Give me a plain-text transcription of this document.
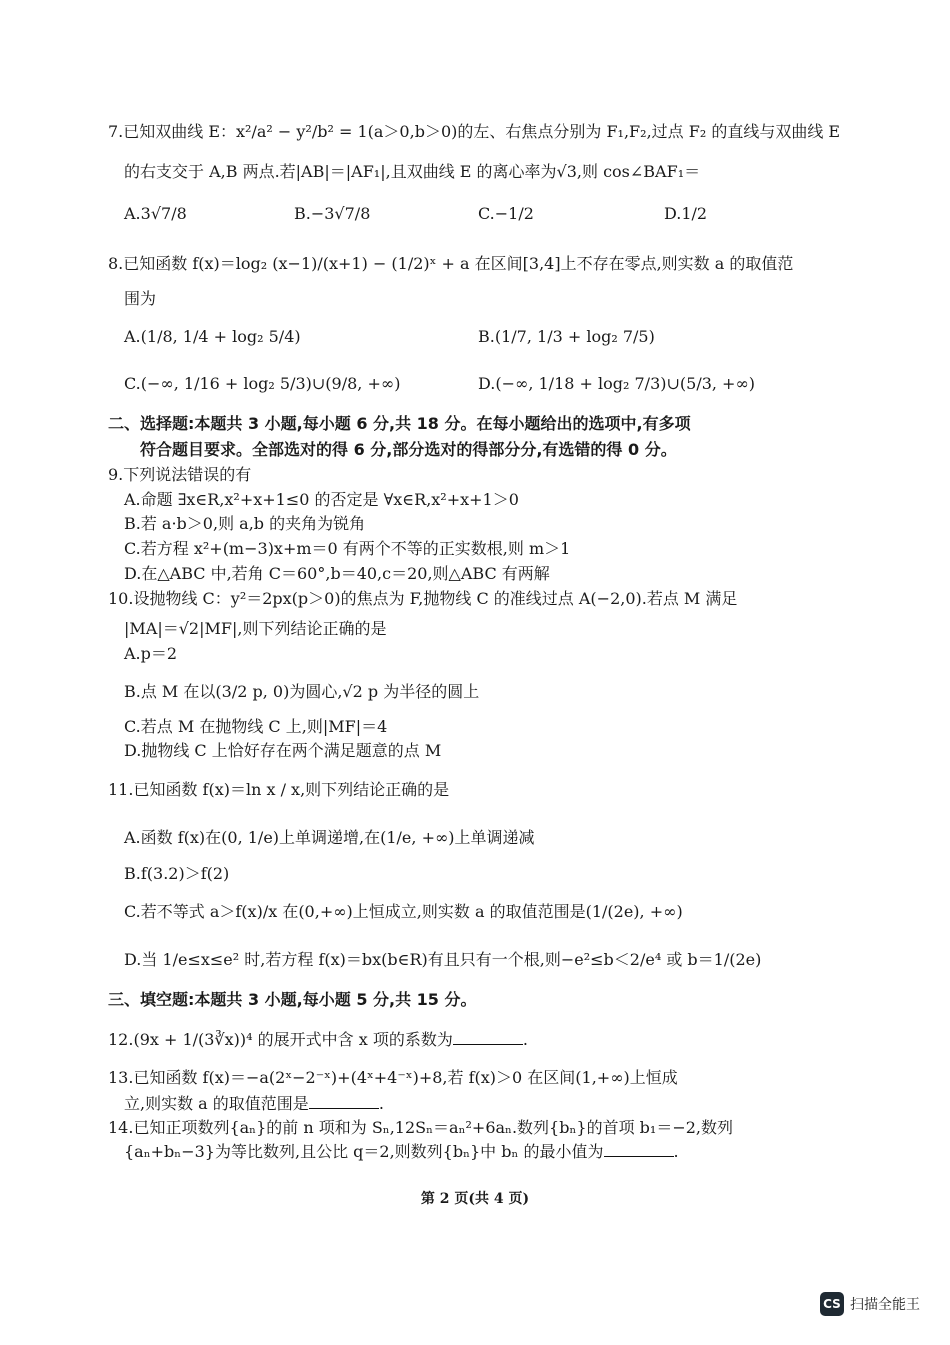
7.已知双曲线 E：x²/a² − y²/b² = 1(a＞0,b＞0)的左、右焦点分别为 F₁,F₂,过点 F₂ 的直线与双曲线 E
的右支交于 A,B 两点.若|AB|＝|AF₁|,且双曲线 E 的离心率为√3,则 cos∠BAF₁＝
A.3√7/8	B.−3√7/8	C.−1/2	D.1/2
8.已知函数 f(x)＝log₂ (x−1)/(x+1) − (1/2)ˣ + a 在区间[3,4]上不存在零点,则实数 a 的取值范
围为
A.(1/8, 1/4 + log₂ 5/4)	B.(1/7, 1/3 + log₂ 7/5)
C.(−∞, 1/16 + log₂ 5/3)∪(9/8, +∞)	D.(−∞, 1/18 + log₂ 7/3)∪(5/3, +∞)
二、选择题:本题共 3 小题,每小题 6 分,共 18 分。在每小题给出的选项中,有多项
符合题目要求。全部选对的得 6 分,部分选对的得部分分,有选错的得 0 分。
9.下列说法错误的有
A.命题 ∃x∈R,x²+x+1≤0 的否定是 ∀x∈R,x²+x+1＞0
B.若 a·b＞0,则 a,b 的夹角为锐角
C.若方程 x²+(m−3)x+m＝0 有两个不等的正实数根,则 m＞1
D.在△ABC 中,若角 C＝60°,b＝40,c＝20,则△ABC 有两解
10.设抛物线 C：y²＝2px(p＞0)的焦点为 F,抛物线 C 的准线过点 A(−2,0).若点 M 满足
|MA|＝√2|MF|,则下列结论正确的是
A.p＝2
B.点 M 在以(3/2 p, 0)为圆心,√2 p 为半径的圆上
C.若点 M 在抛物线 C 上,则|MF|＝4
D.抛物线 C 上恰好存在两个满足题意的点 M
11.已知函数 f(x)＝ln x / x,则下列结论正确的是
A.函数 f(x)在(0, 1/e)上单调递增,在(1/e, +∞)上单调递减
B.f(3.2)＞f(2)
C.若不等式 a＞f(x)/x 在(0,+∞)上恒成立,则实数 a 的取值范围是(1/(2e), +∞)
D.当 1/e≤x≤e² 时,若方程 f(x)＝bx(b∈R)有且只有一个根,则−e²≤b＜2/e⁴ 或 b＝1/(2e)
三、填空题:本题共 3 小题,每小题 5 分,共 15 分。
12.(9x + 1/(3∛x))⁴ 的展开式中含 x 项的系数为	.
13.已知函数 f(x)＝−a(2ˣ−2⁻ˣ)+(4ˣ+4⁻ˣ)+8,若 f(x)＞0 在区间(1,+∞)上恒成
立,则实数 a 的取值范围是	.
14.已知正项数列{aₙ}的前 n 项和为 Sₙ,12Sₙ＝aₙ²+6aₙ.数列{bₙ}的首项 b₁＝−2,数列
{aₙ+bₙ−3}为等比数列,且公比 q＝2,则数列{bₙ}中 bₙ 的最小值为	.
第 2 页(共 4 页)
CS 扫描全能王
